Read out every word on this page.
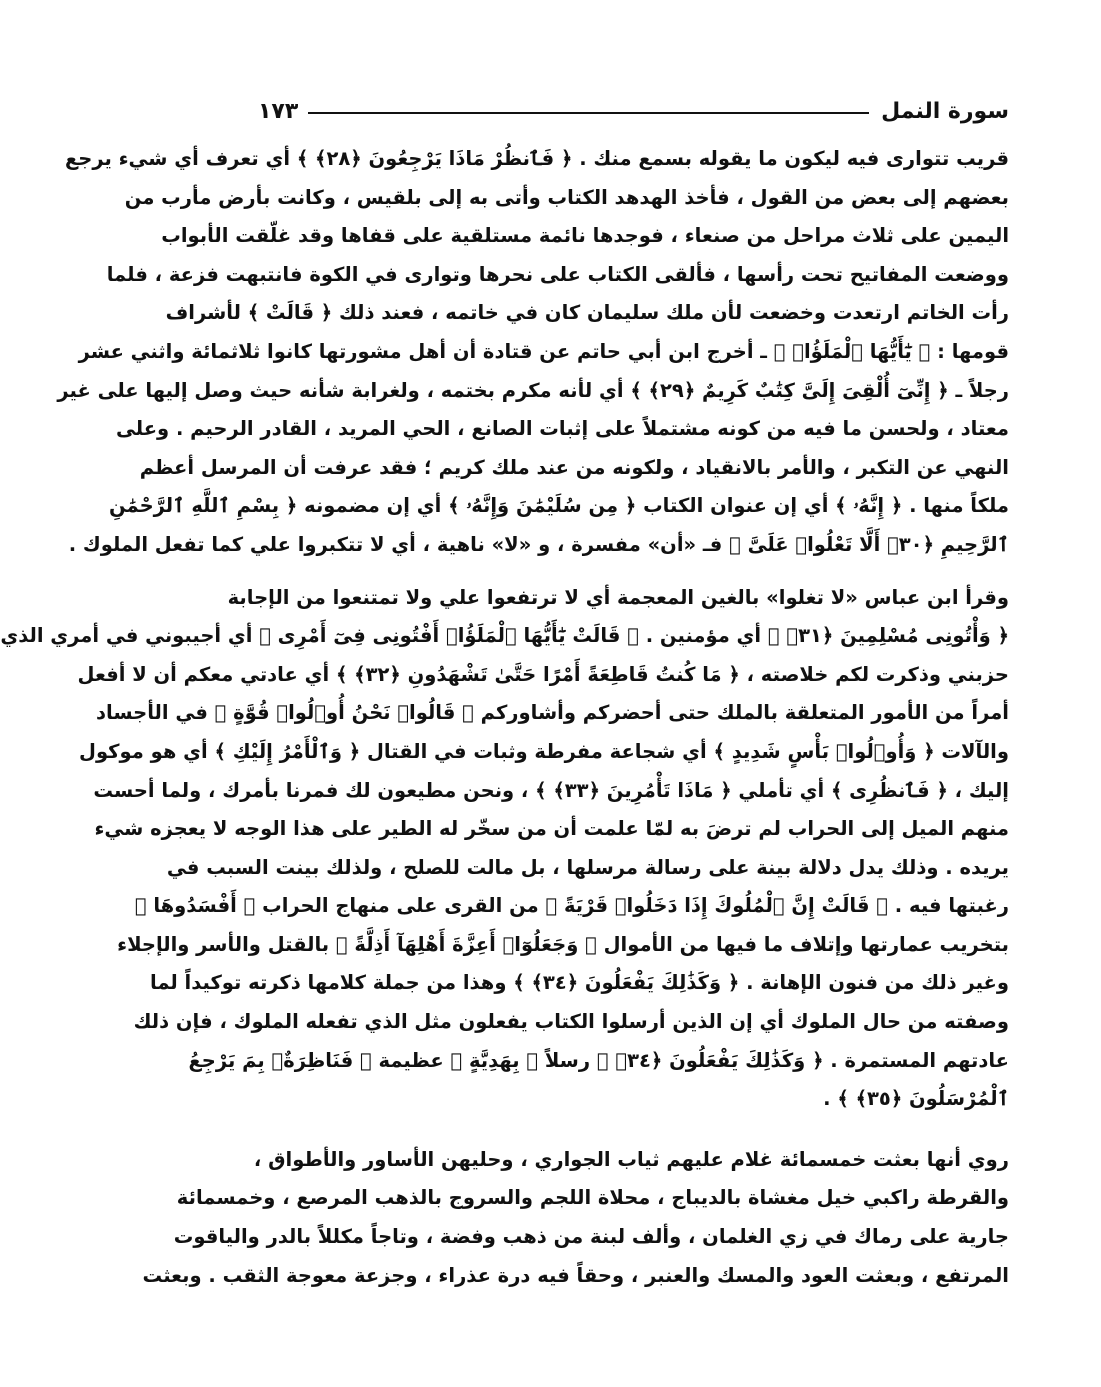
سورة النمل
١٧٣
قريب تتوارى فيه ليكون ما يقوله بسمع منك . ﴿ فَٱنظُرْ مَاذَا يَرْجِعُونَ ﴿٢٨﴾ ﴾ أي تعرف أي شيء يرجع
بعضهم إلى بعض من القول ، فأخذ الهدهد الكتاب وأتى به إلى بلقيس ، وكانت بأرض مأرب من
اليمين على ثلاث مراحل من صنعاء ، فوجدها نائمة مستلقية على قفاها وقد غلّقت الأبواب
ووضعت المفاتيح تحت رأسها ، فألقى الكتاب على نحرها وتوارى في الكوة فانتبهت فزعة ، فلما
رأت الخاتم ارتعدت وخضعت لأن ملك سليمان كان في خاتمه ، فعند ذلك ﴿ قَالَتْ ﴾ لأشراف
قومها : ﴿ يَٰٓأَيُّهَا ٱلْمَلَؤُا۟ ﴾ ـ أخرج ابن أبي حاتم عن قتادة أن أهل مشورتها كانوا ثلاثمائة واثني عشر
رجلاً ـ ﴿ إِنِّىٓ أُلْقِىَ إِلَىَّ كِتَٰبٌ كَرِيمٌ ﴿٢٩﴾ ﴾ أي لأنه مكرم بختمه ، ولغرابة شأنه حيث وصل إليها على غير
معتاد ، ولحسن ما فيه من كونه مشتملاً على إثبات الصانع ، الحي المريد ، القادر الرحيم . وعلى
النهي عن التكبر ، والأمر بالانقياد ، ولكونه من عند ملك كريم ؛ فقد عرفت أن المرسل أعظم
ملكاً منها . ﴿ إِنَّهُۥ ﴾ أي إن عنوان الكتاب ﴿ مِن سُلَيْمَٰنَ وَإِنَّهُۥ ﴾ أي إن مضمونه ﴿ بِسْمِ ٱللَّهِ ٱلرَّحْمَٰنِ
ٱلرَّحِيمِ ﴿٣٠﴾ أَلَّا تَعْلُوا۟ عَلَىَّ ﴾ فـ «أن» مفسرة ، و «لا» ناهية ، أي لا تتكبروا علي كما تفعل الملوك .
وقرأ ابن عباس «لا تغلوا» بالغين المعجمة أي لا ترتفعوا علي ولا تمتنعوا من الإجابة
﴿ وَأْتُونِى مُسْلِمِينَ ﴿٣١﴾ ﴾ أي مؤمنين . ﴿ قَالَتْ يَٰٓأَيُّهَا ٱلْمَلَؤُا۟ أَفْتُونِى فِىٓ أَمْرِى ﴾ أي أجيبوني في أمري الذي
حزبني وذكرت لكم خلاصته ، ﴿ مَا كُنتُ قَاطِعَةً أَمْرًا حَتَّىٰ تَشْهَدُونِ ﴿٣٢﴾ ﴾ أي عادتي معكم أن لا أفعل
أمراً من الأمور المتعلقة بالملك حتى أحضركم وأشاوركم ﴿ قَالُوا۟ نَحْنُ أُو۟لُوا۟ قُوَّةٍ ﴾ في الأجساد
والآلات ﴿ وَأُو۟لُوا۟ بَأْسٍ شَدِيدٍ ﴾ أي شجاعة مفرطة وثبات في القتال ﴿ وَٱلْأَمْرُ إِلَيْكِ ﴾ أي هو موكول
إليك ، ﴿ فَٱنظُرِى ﴾ أي تأملي ﴿ مَاذَا تَأْمُرِينَ ﴿٣٣﴾ ﴾ ، ونحن مطيعون لك فمرنا بأمرك ، ولما أحست
منهم الميل إلى الحراب لم ترضَ به لمّا علمت أن من سخّر له الطير على هذا الوجه لا يعجزه شيء
يريده . وذلك يدل دلالة بينة على رسالة مرسلها ، بل مالت للصلح ، ولذلك بينت السبب في
رغبتها فيه . ﴿ قَالَتْ إِنَّ ٱلْمُلُوكَ إِذَا دَخَلُوا۟ قَرْيَةً ﴾ من القرى على منهاج الحراب ﴿ أَفْسَدُوهَا ﴾
بتخريب عمارتها وإتلاف ما فيها من الأموال ﴿ وَجَعَلُوٓا۟ أَعِزَّةَ أَهْلِهَآ أَذِلَّةً ﴾ بالقتل والأسر والإجلاء
وغير ذلك من فنون الإهانة . ﴿ وَكَذَٰلِكَ يَفْعَلُونَ ﴿٣٤﴾ ﴾ وهذا من جملة كلامها ذكرته توكيداً لما
وصفته من حال الملوك أي إن الذين أرسلوا الكتاب يفعلون مثل الذي تفعله الملوك ، فإن ذلك
عادتهم المستمرة . ﴿ وَكَذَٰلِكَ يَفْعَلُونَ ﴿٣٤﴾ ﴾ رسلاً ﴿ بِهَدِيَّةٍ ﴾ عظيمة ﴿ فَنَاظِرَةٌۢ بِمَ يَرْجِعُ
ٱلْمُرْسَلُونَ ﴿٣٥﴾ ﴾ .
روي أنها بعثت خمسمائة غلام عليهم ثياب الجواري ، وحليهن الأساور والأطواق ،
والقرطة راكبي خيل مغشاة بالديباج ، محلاة اللجم والسروج بالذهب المرصع ، وخمسمائة
جارية على رماك في زي الغلمان ، وألف لبنة من ذهب وفضة ، وتاجاً مكللاً بالدر والياقوت
المرتفع ، وبعثت العود والمسك والعنبر ، وحقاً فيه درة عذراء ، وجزعة معوجة الثقب . وبعثت
